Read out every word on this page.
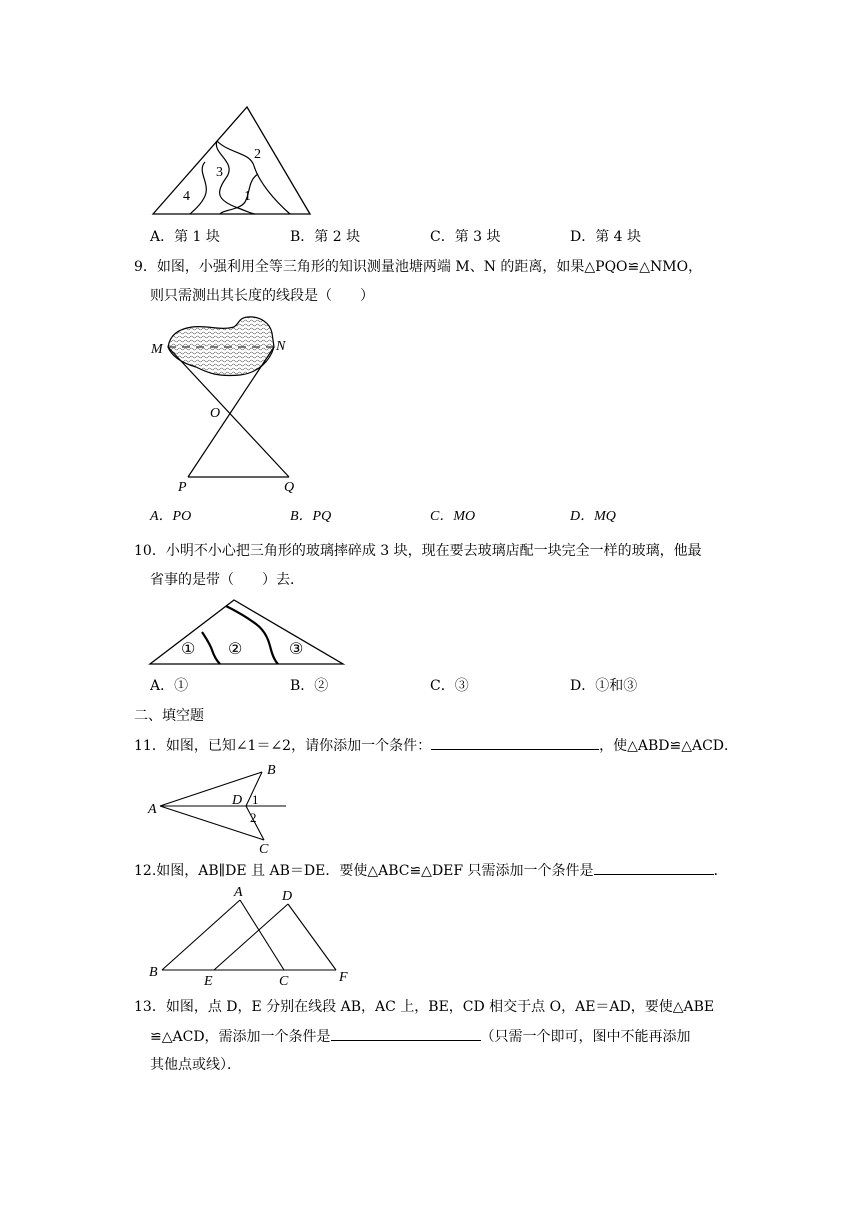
2
3
4	1
A．第 1 块	B．第 2 块	C．第 3 块	D．第 4 块
9．如图，小强利用全等三角形的知识测量池塘两端 M、N 的距离，如果△PQO≌△NMO，
则只需测出其长度的线段是（　　）
M	N
O
P	Q
A．PO	B．PQ	C．MO	D．MQ
10．小明不小心把三角形的玻璃摔碎成 3 块，现在要去玻璃店配一块完全一样的玻璃，他最
省事的是带（　　）去．
① ②	③
A．①	B．②	C．③	D．①和③
二、填空题
11．如图，已知∠1＝∠2，请你添加一个条件：	，使△ABD≌△ACD．
A
B
C
D 1
2
12.如图，AB∥DE 且 AB＝DE．要使△ABC≌△DEF 只需添加一个条件是	．
A
B
C
D
E	F
13．如图，点 D，E 分别在线段 AB，AC 上，BE，CD 相交于点 O，AE＝AD，要使△ABE
≌△ACD，需添加一个条件是	（只需一个即可，图中不能再添加
其他点或线）．
